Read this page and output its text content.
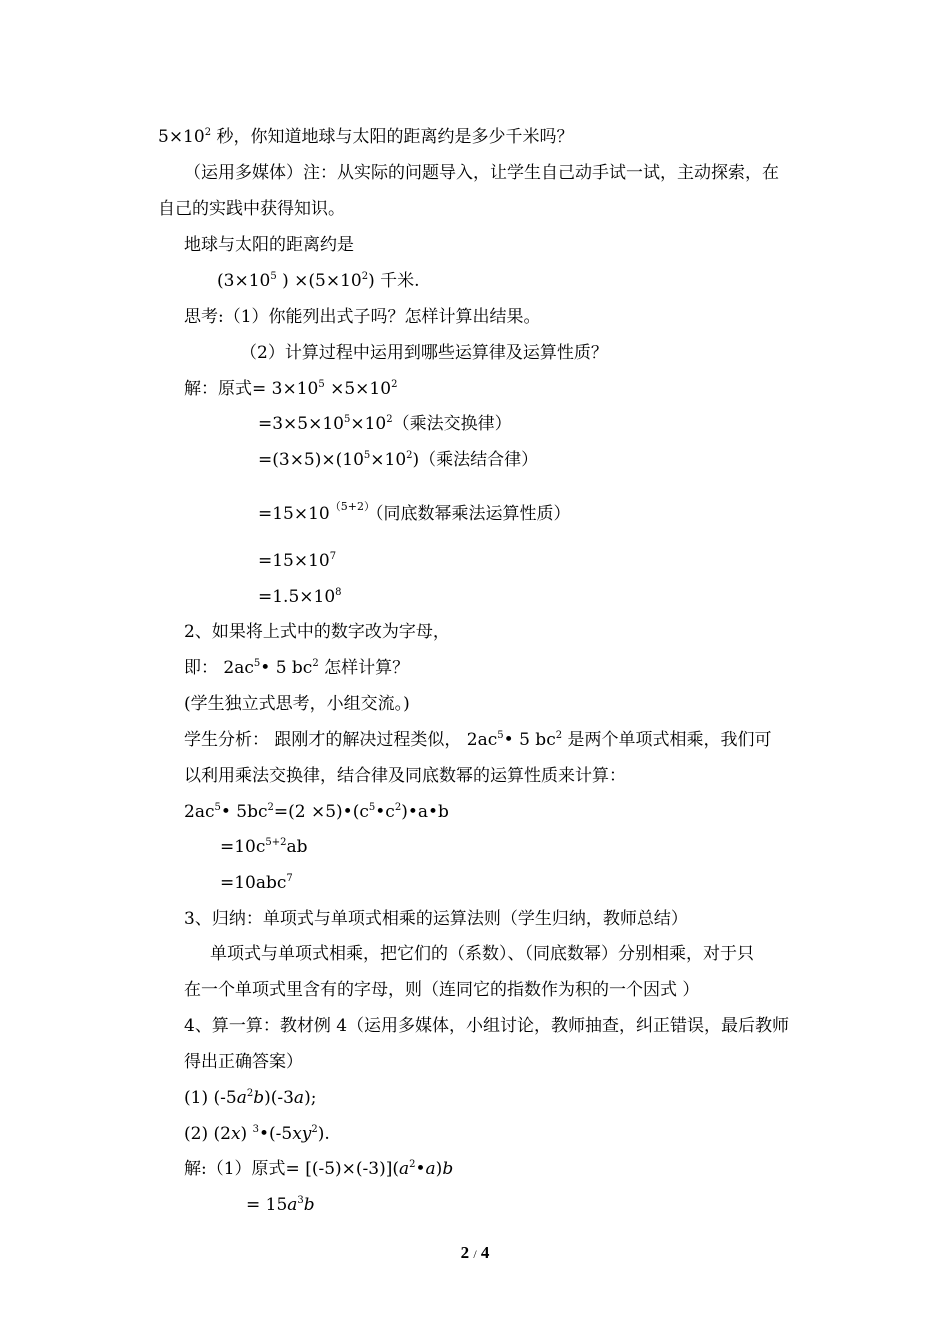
$5\times 10^2$ 秒，你知道地球与太阳的距离约是多少千米吗？
（运用多媒体）注：从实际的问题导入，让学生自己动手试一试，主动探索，在
自己的实践中获得知识。
地球与太阳的距离约是
($3\times 10^5$ ) $\times(5\times 10^2)$ 千米.
思考:（1）你能列出式子吗？怎样计算出结果。
（2）计算过程中运用到哪些运算律及运算性质？
解：原式= $3\times 10^5 \times 5\times 10^2$
$=3\times 5\times 10^5\times 10^2$（乘法交换律）
$=(3\times 5)\times(10^5\times 10^2)$（乘法结合律）
$=15\times 10^{(5+2)}$（同底数幂乘法运算性质）
$=15\times 10^7$
$=1.5\times 10^8$
2、如果将上式中的数字改为字母，
即： $2ac^5•$ 5 $bc^2$ 怎样计算？
(学生独立式思考，小组交流。)
学生分析： 跟刚才的解决过程类似， $2ac^5•$ 5 $bc^2$ 是两个单项式相乘，我们可
以利用乘法交换律，结合律及同底数幂的运算性质来计算：
$2ac^5•$ $5bc^2=(2$ $\times 5)•(c^5•c^2)•a•b$
$=10c^{5+2}ab$
=10abc$^7$
3、归纳：单项式与单项式相乘的运算法则（学生归纳，教师总结）
单项式与单项式相乘，把它们的（系数）、（同底数幂）分别相乘，对于只
在一个单项式里含有的字母，则（连同它的指数作为积的一个因式 ）
4、算一算：教材例 4（运用多媒体，小组讨论，教师抽查，纠正错误，最后教师
得出正确答案）
(1) $(-5a^2b)(-3a)$;
(2) (2x) $^3•(-5xy^2)$.
解:（1）原式= $[(-5)\times(-3)](a^2•a)b$
= $15a^3b$
2 / 4
